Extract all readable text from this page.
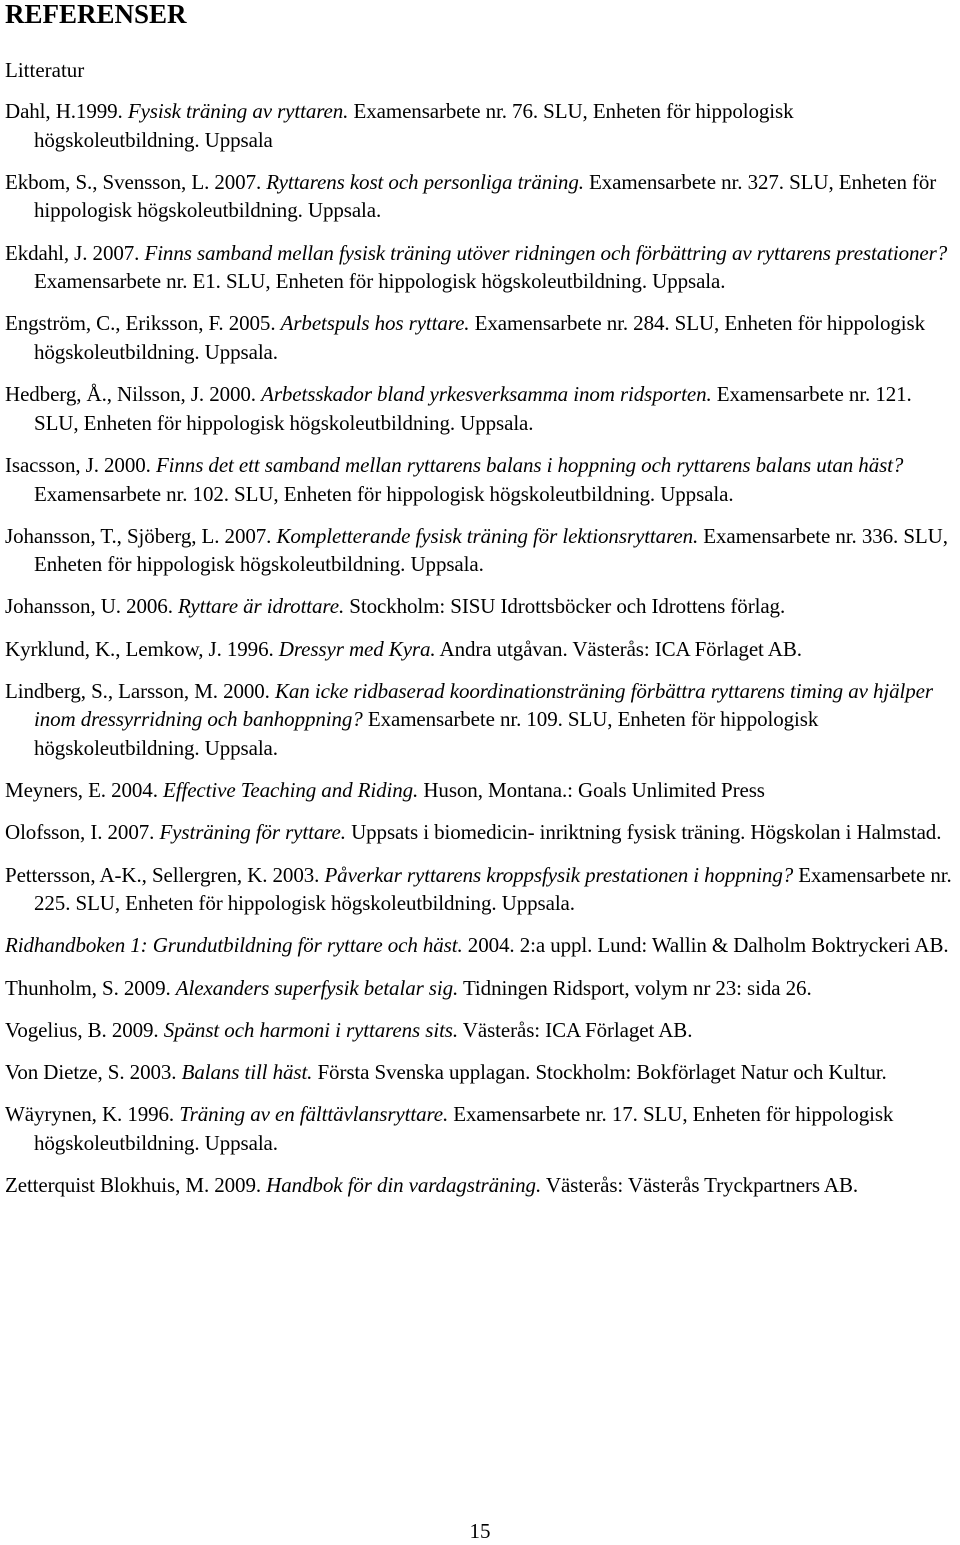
REFERENSER

Litteratur

Dahl, H.1999. Fysisk träning av ryttaren. Examensarbete nr. 76. SLU, Enheten för hippologisk högskoleutbildning. Uppsala

Ekbom, S., Svensson, L. 2007. Ryttarens kost och personliga träning. Examensarbete nr. 327. SLU, Enheten för hippologisk högskoleutbildning. Uppsala.

Ekdahl, J. 2007. Finns samband mellan fysisk träning utöver ridningen och förbättring av ryttarens prestationer? Examensarbete nr. E1. SLU, Enheten för hippologisk högskoleutbildning. Uppsala.

Engström, C., Eriksson, F. 2005. Arbetspuls hos ryttare. Examensarbete nr. 284. SLU, Enheten för hippologisk högskoleutbildning. Uppsala.

Hedberg, Å., Nilsson, J. 2000. Arbetsskador bland yrkesverksamma inom ridsporten. Examensarbete nr. 121. SLU, Enheten för hippologisk högskoleutbildning. Uppsala.

Isacsson, J. 2000. Finns det ett samband mellan ryttarens balans i hoppning och ryttarens balans utan häst? Examensarbete nr. 102. SLU, Enheten för hippologisk högskoleutbildning. Uppsala.

Johansson, T., Sjöberg, L. 2007. Kompletterande fysisk träning för lektionsryttaren. Examensarbete nr. 336. SLU, Enheten för hippologisk högskoleutbildning. Uppsala.

Johansson, U. 2006. Ryttare är idrottare. Stockholm: SISU Idrottsböcker och Idrottens förlag.

Kyrklund, K., Lemkow, J. 1996. Dressyr med Kyra. Andra utgåvan. Västerås: ICA Förlaget AB.

Lindberg, S., Larsson, M. 2000. Kan icke ridbaserad koordinationsträning förbättra ryttarens timing av hjälper inom dressyrridning och banhoppning? Examensarbete nr. 109. SLU, Enheten för hippologisk högskoleutbildning. Uppsala.

Meyners, E. 2004. Effective Teaching and Riding. Huson, Montana.: Goals Unlimited Press

Olofsson, I. 2007. Fysträning för ryttare. Uppsats i biomedicin- inriktning fysisk träning. Högskolan i Halmstad.

Pettersson, A-K., Sellergren, K. 2003. Påverkar ryttarens kroppsfysik prestationen i hoppning? Examensarbete nr. 225. SLU, Enheten för hippologisk högskoleutbildning. Uppsala.

Ridhandboken 1: Grundutbildning för ryttare och häst. 2004. 2:a uppl. Lund: Wallin & Dalholm Boktryckeri AB.

Thunholm, S. 2009. Alexanders superfysik betalar sig. Tidningen Ridsport, volym nr 23: sida 26.

Vogelius, B. 2009. Spänst och harmoni i ryttarens sits. Västerås: ICA Förlaget AB.

Von Dietze, S. 2003. Balans till häst. Första Svenska upplagan. Stockholm: Bokförlaget Natur och Kultur.

Wäyrynen, K. 1996. Träning av en fälttävlansryttare. Examensarbete nr. 17. SLU, Enheten för hippologisk högskoleutbildning. Uppsala.

Zetterquist Blokhuis, M. 2009. Handbok för din vardagsträning. Västerås: Västerås Tryckpartners AB.

15
